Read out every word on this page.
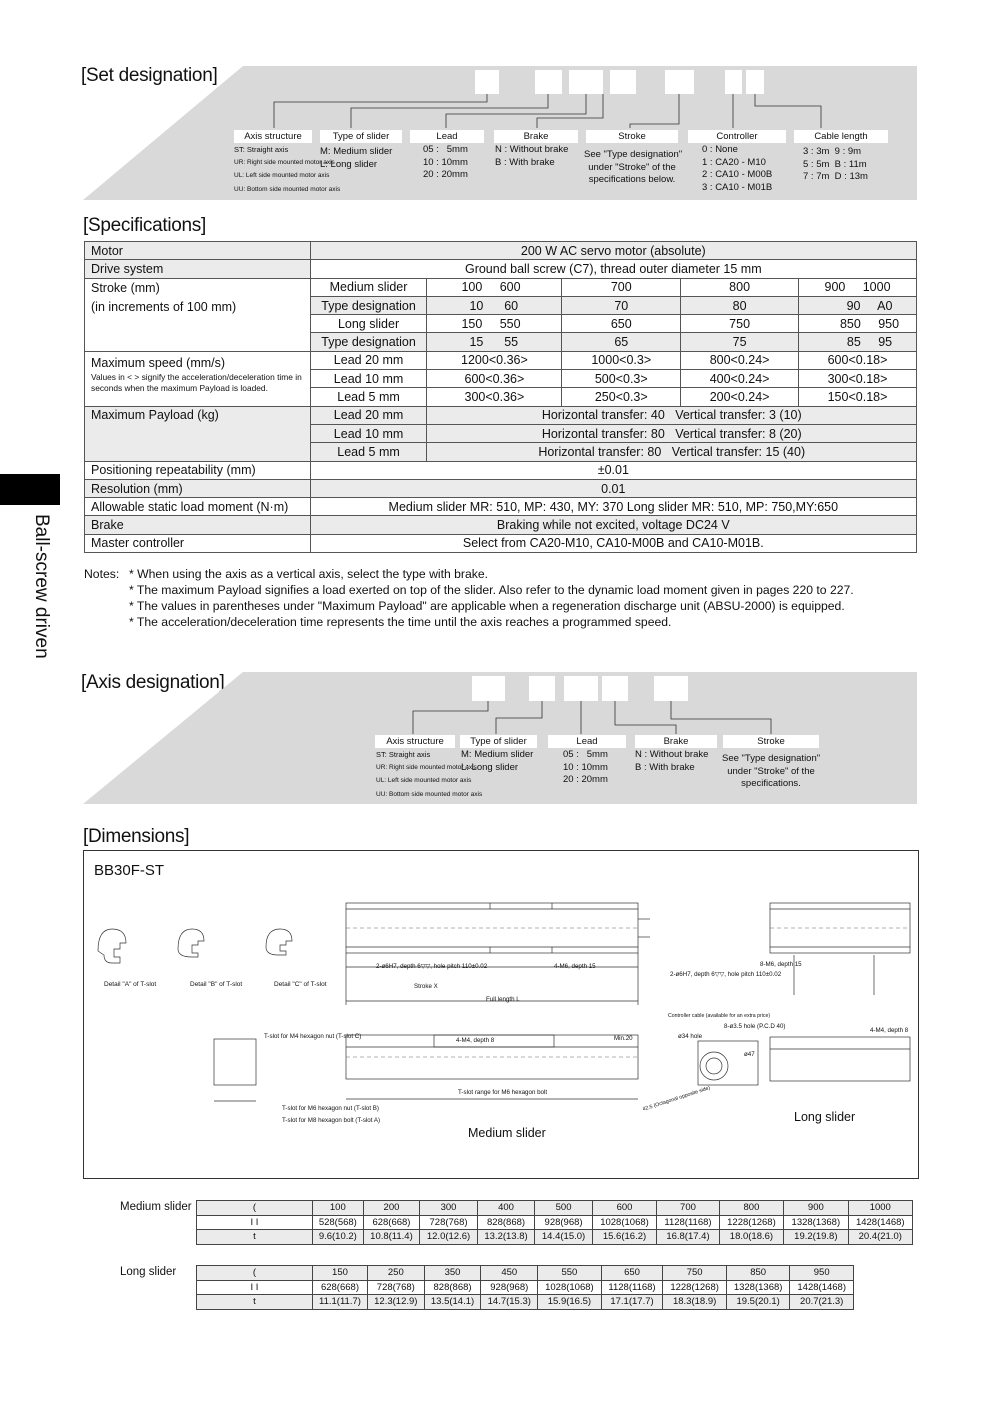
[Set designation]
Axis structure	Type of slider	Lead	Brake	Stroke	Controller	Cable length
ST: Straight axis
UR: Right side mounted motor axis
UL: Left side mounted motor axis
UU: Bottom side mounted motor axis
M: Medium slider
L: Long slider
05 :   5mm
10 : 10mm
20 : 20mm
N : Without brake
B : With brake
See "Type designation"
under "Stroke" of the
specifications below.
0 : None
1 : CA20 - M10
2 : CA10 - M00B
3 : CA10 - M01B
3 : 3m  9 : 9m
5 : 5m  B : 11m
7 : 7m  D : 13m
[Specifications]
Motor	200 W AC servo motor (absolute)				
Drive system	Ground ball screw (C7), thread outer diameter 15 mm				

Stroke (mm)
(in increments of 100 mm)	Medium slider	100     600	700	800	900     1000
	Type designation	10      60	70	80	90     A0
	Long slider	150     550	650	750	850     950
	Type designation	15      55	65	75	85     95

Maximum speed (mm/s)
Values in < > signify the acceleration/deceleration time in seconds when the maximum Payload is loaded.	Lead 20 mm	1200<0.36>	1000<0.3>	800<0.24>	600<0.18>
	Lead 10 mm	600<0.36>	500<0.3>	400<0.24>	300<0.18>
	Lead 5 mm	300<0.36>	250<0.3>	200<0.24>	150<0.18>
Maximum Payload (kg)	Lead 20 mm	Horizontal transfer: 40   Vertical transfer: 3 (10)			
	Lead 10 mm	Horizontal transfer: 80   Vertical transfer: 8 (20)			
	Lead 5 mm	Horizontal transfer: 80   Vertical transfer: 15 (40)			
Positioning repeatability (mm)	±0.01				
Resolution (mm)	0.01				
Allowable static load moment (N·m)	Medium slider MR: 510, MP: 430, MY: 370 Long slider MR: 510, MP: 750,MY:650				
Brake	Braking while not excited, voltage DC24 V				
Master controller	Select from CA20-M10, CA10-M00B and CA10-M01B.				
Notes: * When using the axis as a vertical axis, select the type with brake.
* The maximum Payload signifies a load exerted on top of the slider. Also refer to the dynamic load moment given in pages 220 to 227.
* The values in parentheses under "Maximum Payload" are applicable when a regeneration discharge unit (ABSU-2000) is equipped.
* The acceleration/deceleration time represents the time until the axis reaches a programmed speed.
Ball-screw driven
[Axis designation]
Axis structure	Type of slider	Lead	Brake	Stroke
ST: Straight axis
UR: Right side mounted motor axis
UL: Left side mounted motor axis
UU: Bottom side mounted motor axis
M: Medium slider
L: Long slider
05 :   5mm
10 : 10mm
20 : 20mm
N : Without brake
B : With brake
See "Type designation"
under "Stroke" of the
specifications.
[Dimensions]
BB30F-ST
Detail "A" of T-slot	Detail "B" of T-slot	Detail "C" of T-slot
2-ø6H7, depth 6▽▽, hole pitch 110±0.02	4-M6, depth 15
Stroke X
Full length L
8-M6, depth 15
2-ø6H7, depth 6▽▽, hole pitch 110±0.02
Controller cable (available for an extra price)
T-slot for M4 hexagon nut (T-slot C)
4-M4, depth 8	Min.20	ø34 hole
8-ø3.5 hole (P.C.D 40)
ø47
4-M4, depth 8
T-slot range for M6 hexagon bolt	42.5 (Octagonal opposite side)
T-slot for M6 hexagon nut (T-slot B)
T-slot for M8 hexagon bolt (T-slot A)
Medium slider
Long slider
Medium slider	(	100	200	300	400	500	600	700	800	900	1000
I I	528(568)	628(668)	728(768)	828(868)	928(968)	1028(1068)	1128(1168)	1228(1268)	1328(1368)	1428(1468)
t	9.6(10.2)	10.8(11.4)	12.0(12.6)	13.2(13.8)	14.4(15.0)	15.6(16.2)	16.8(17.4)	18.0(18.6)	19.2(19.8)	20.4(21.0)
Long slider	(	150	250	350	450	550	650	750	850	950
I I	628(668)	728(768)	828(868)	928(968)	1028(1068)	1128(1168)	1228(1268)	1328(1368)	1428(1468)
t	11.1(11.7)	12.3(12.9)	13.5(14.1)	14.7(15.3)	15.9(16.5)	17.1(17.7)	18.3(18.9)	19.5(20.1)	20.7(21.3)
